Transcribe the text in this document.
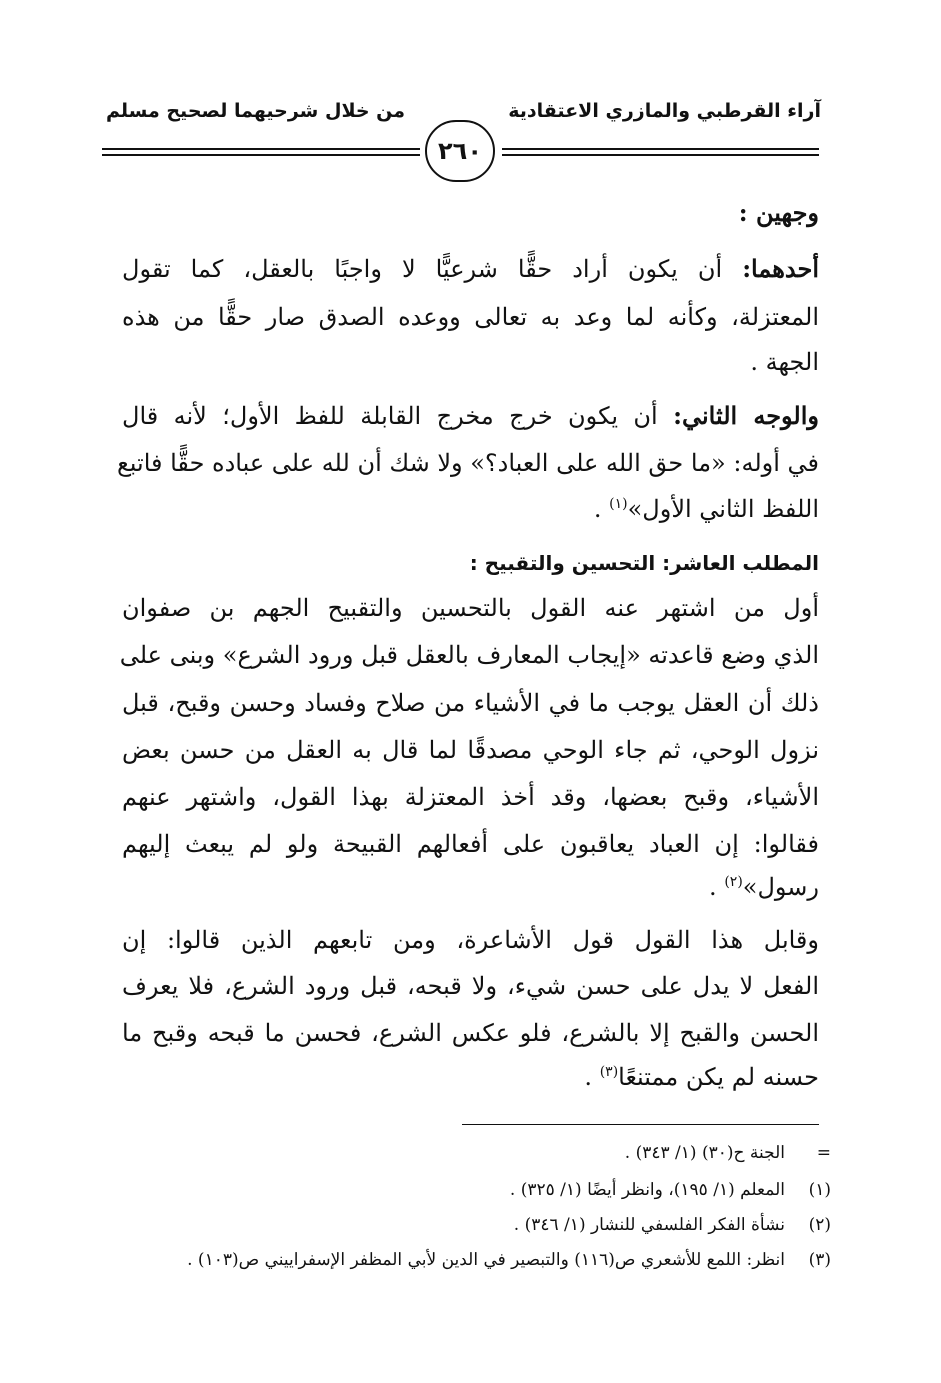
آراء القرطبي والمازري الاعتقادية
من خلال شرحيهما لصحيح مسلم
٢٦٠
وجهين :
أحدهما: أن يكون أراد حقًّا شرعيًّا لا واجبًا بالعقل، كما تقول
المعتزلة، وكأنه لما وعد به تعالى ووعده الصدق صار حقًّا من هذه
الجهة .
والوجه الثاني: أن يكون خرج مخرج القابلة للفظ الأول؛ لأنه قال
في أوله: «ما حق الله على العباد؟» ولا شك أن لله على عباده حقًّا فاتبع
اللفظ الثاني الأول»$^{(١)}$ .
المطلب العاشر: التحسين والتقبيح :
أول من اشتهر عنه القول بالتحسين والتقبيح الجهم بن صفوان
الذي وضع قاعدته «إيجاب المعارف بالعقل قبل ورود الشرع» وبنى على
ذلك أن العقل يوجب ما في الأشياء من صلاح وفساد وحسن وقبح، قبل
نزول الوحي، ثم جاء الوحي مصدقًا لما قال به العقل من حسن بعض
الأشياء، وقبح بعضها، وقد أخذ المعتزلة بهذا القول، واشتهر عنهم
فقالوا: إن العباد يعاقبون على أفعالهم القبيحة ولو لم يبعث إليهم
رسول»$^{(٢)}$ .
وقابل هذا القول قول الأشاعرة، ومن تابعهم الذين قالوا: إن
الفعل لا يدل على حسن شيء، ولا قبحه، قبل ورود الشرع، فلا يعرف
الحسن والقبح إلا بالشرع، فلو عكس الشرع، فحسن ما قبحه وقبح ما
حسنه لم يكن ممتنعًا$^{(٣)}$ .
=الجنة ح(٣٠) (١/ ٣٤٣) .
(١)المعلم (١/ ١٩٥)، وانظر أيضًا (١/ ٣٢٥) .
(٢)نشأة الفكر الفلسفي للنشار (١/ ٣٤٦) .
(٣)انظر: اللمع للأشعري ص(١١٦) والتبصير في الدين لأبي المظفر الإسفراييني ص(١٠٣) .
